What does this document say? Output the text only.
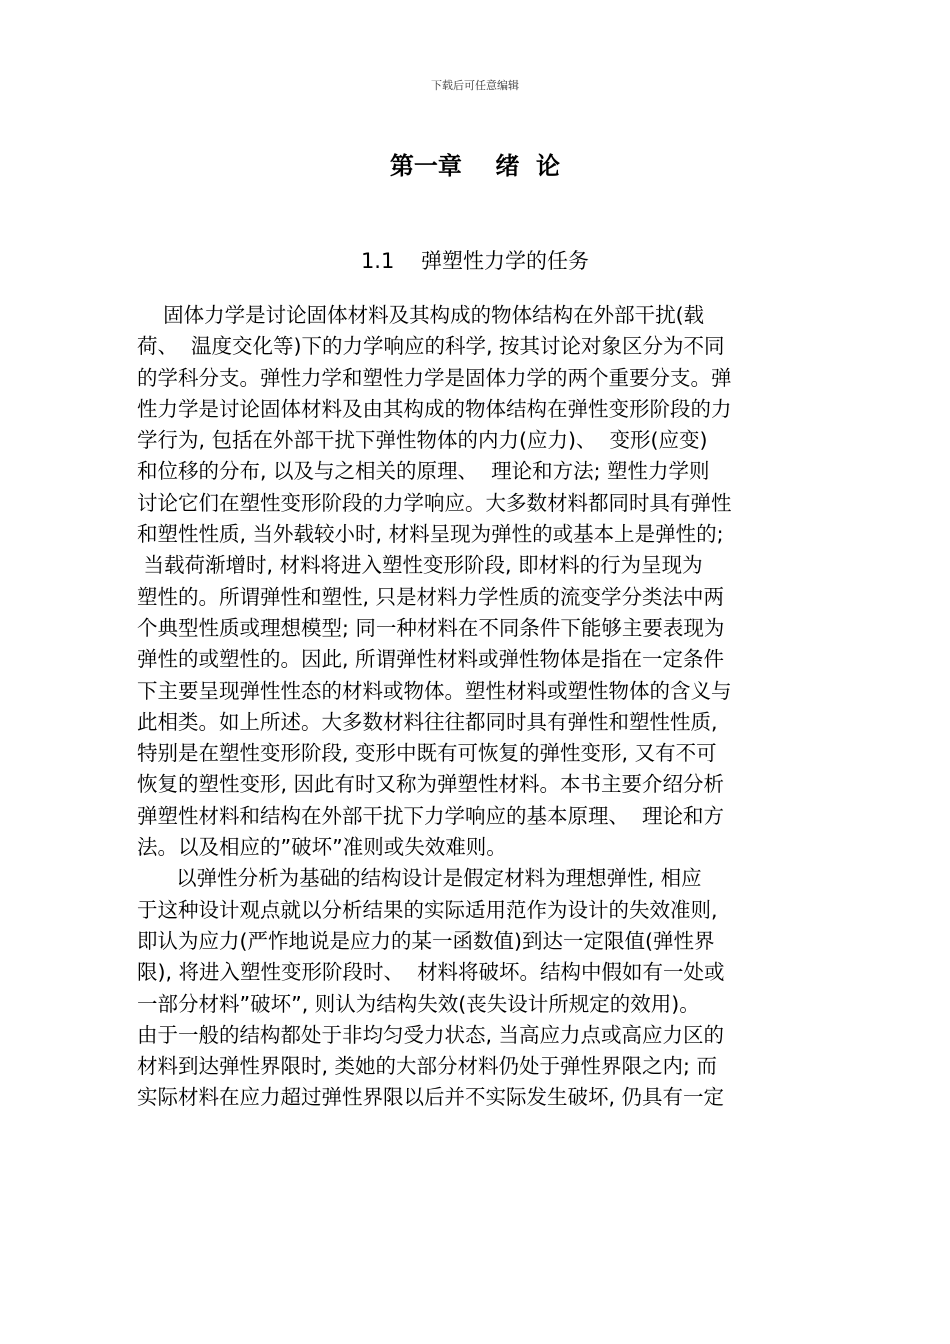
下载后可任意编辑
第一章    绪  论
1.1    弹塑性力学的任务
固体力学是讨论固体材料及其构成的物体结构在外部干扰(载
荷、  温度交化等)下的力学响应的科学, 按其讨论对象区分为不同
的学科分支。弹性力学和塑性力学是固体力学的两个重要分支。弹
性力学是讨论固体材料及由其构成的物体结构在弹性变形阶段的力
学行为, 包括在外部干扰下弹性物体的内力(应力)、  变形(应变)
和位移的分布, 以及与之相关的原理、  理论和方法; 塑性力学则
讨论它们在塑性变形阶段的力学响应。大多数材料都同时具有弹性
和塑性性质, 当外载较小时, 材料呈现为弹性的或基本上是弹性的;
当载荷渐增时, 材料将进入塑性变形阶段, 即材料的行为呈现为
塑性的。所谓弹性和塑性, 只是材料力学性质的流变学分类法中两
个典型性质或理想模型; 同一种材料在不同条件下能够主要表现为
弹性的或塑性的。因此, 所谓弹性材料或弹性物体是指在一定条件
下主要呈现弹性性态的材料或物体。塑性材料或塑性物体的含义与
此相类。如上所述。大多数材料往往都同时具有弹性和塑性性质,
特别是在塑性变形阶段, 变形中既有可恢复的弹性变形, 又有不可
恢复的塑性变形, 因此有时又称为弹塑性材料。本书主要介绍分析
弹塑性材料和结构在外部干扰下力学响应的基本原理、  理论和方
法。以及相应的”破坏”准则或失效难则。
以弹性分析为基础的结构设计是假定材料为理想弹性, 相应
于这种设计观点就以分析结果的实际适用范作为设计的失效准则,
即认为应力(严怍地说是应力的某一函数值)到达一定限值(弹性界
限), 将进入塑性变形阶段时、  材料将破坏。结构中假如有一处或
一部分材料”破坏”, 则认为结构失效(丧失设计所规定的效用)。
由于一般的结构都处于非均匀受力状态, 当高应力点或高应力区的
材料到达弹性界限时, 类她的大部分材料仍处于弹性界限之内; 而
实际材料在应力超过弹性界限以后并不实际发生破坏, 仍具有一定
